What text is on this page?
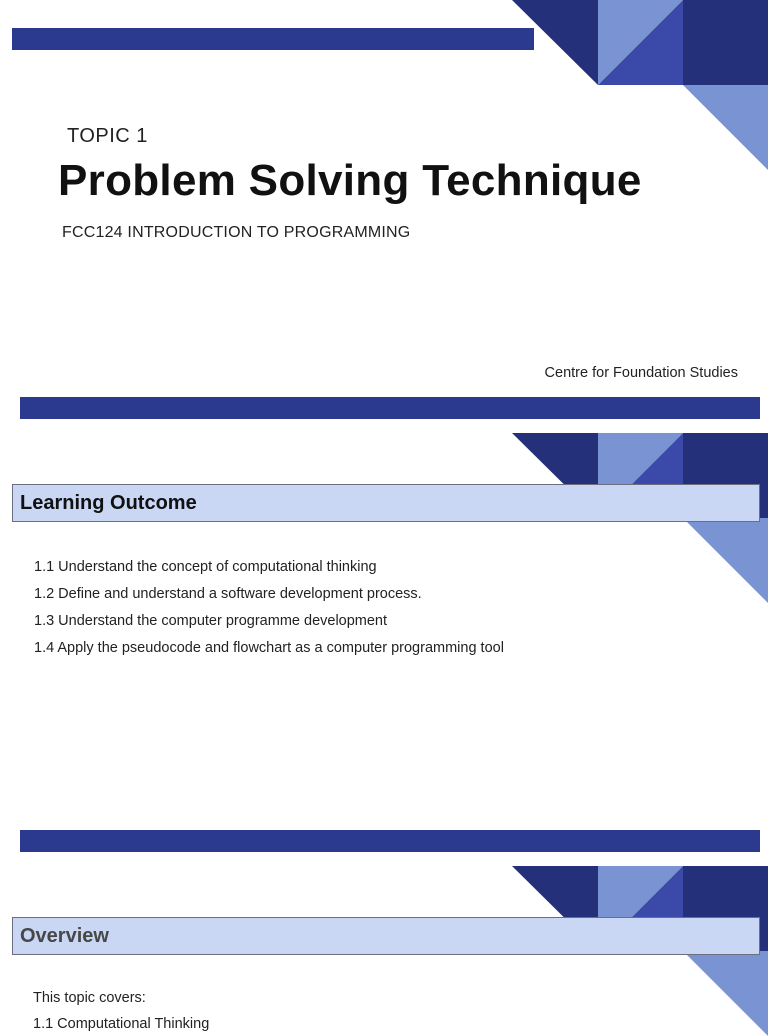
TOPIC 1
Problem Solving Technique
FCC124 INTRODUCTION TO PROGRAMMING
Centre for Foundation Studies
Learning Outcome
1.1 Understand the concept of computational thinking
1.2 Define and understand a software development process.
1.3 Understand the computer programme development
1.4 Apply the pseudocode and flowchart as a computer programming tool
Overview
This topic covers:
1.1 Computational Thinking
